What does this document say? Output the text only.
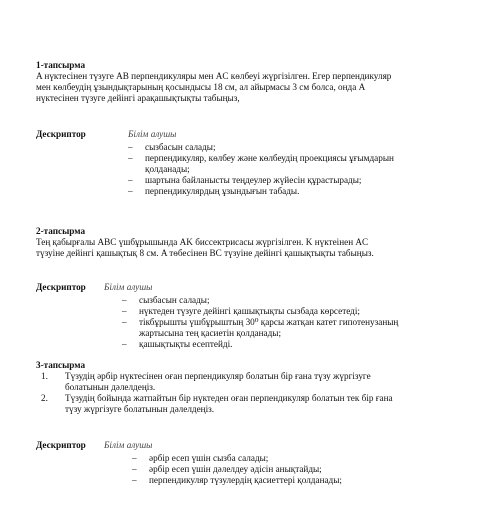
1-тапсырма

A нүктесінен түзуге AB перпендикуляры мен AC көлбеуі жүргізілген. Егер перпендикуляр
мен көлбеудің ұзындықтарының қосындысы 18 см, ал айырмасы 3 см болса, онда A
нүктесінен түзуге дейінгі арақашықтықты табыңыз,

Дескриптор	Білім алушы
– сызбасын салады;
– перпендикуляр, көлбеу және көлбеудің проекциясы ұғымдарын
қолданады;
– шартына байланысты теңдеулер жүйесін құрастырады;
– перпендикулярдың ұзындығын табады.
2-тапсырма

Тең қабырғалы ABC үшбұрышында AK биссектрисасы жүргізілген. K нүктеінен AC
түзуіне дейінгі қашықтық 8 см. A төбесінен BC түзуіне дейінгі қашықтықты табыңыз.

Дескриптор Білім алушы
– сызбасын салады;
– нүктеден түзуге дейінгі қашықтықты сызбада көрсетеді;
– тікбұрышты үшбұрыштың 30⁰ қарсы жатқан катет гипотенузаның
жартысына тең қасиетін қолданады;
– қашықтықты есептейді.
3-тапсырма
1. Түзудің әрбір нүктесінен оған перпендикуляр болатын бір ғана түзу жүргізуге
болатынын дәлелдеңіз.
2. Түзудің бойында жатпайтын бір нүктеден оған перпендикуляр болатын тек бір ғана
түзу жүргізуге болатынын дәлелдеңіз.
Дескриптор Білім алушы
– әрбір есеп үшін сызба салады;
– әрбір есеп үшін дәлелдеу әдісін анықтайды;
– перпендикуляр түзулердің қасиеттері қолданады;
